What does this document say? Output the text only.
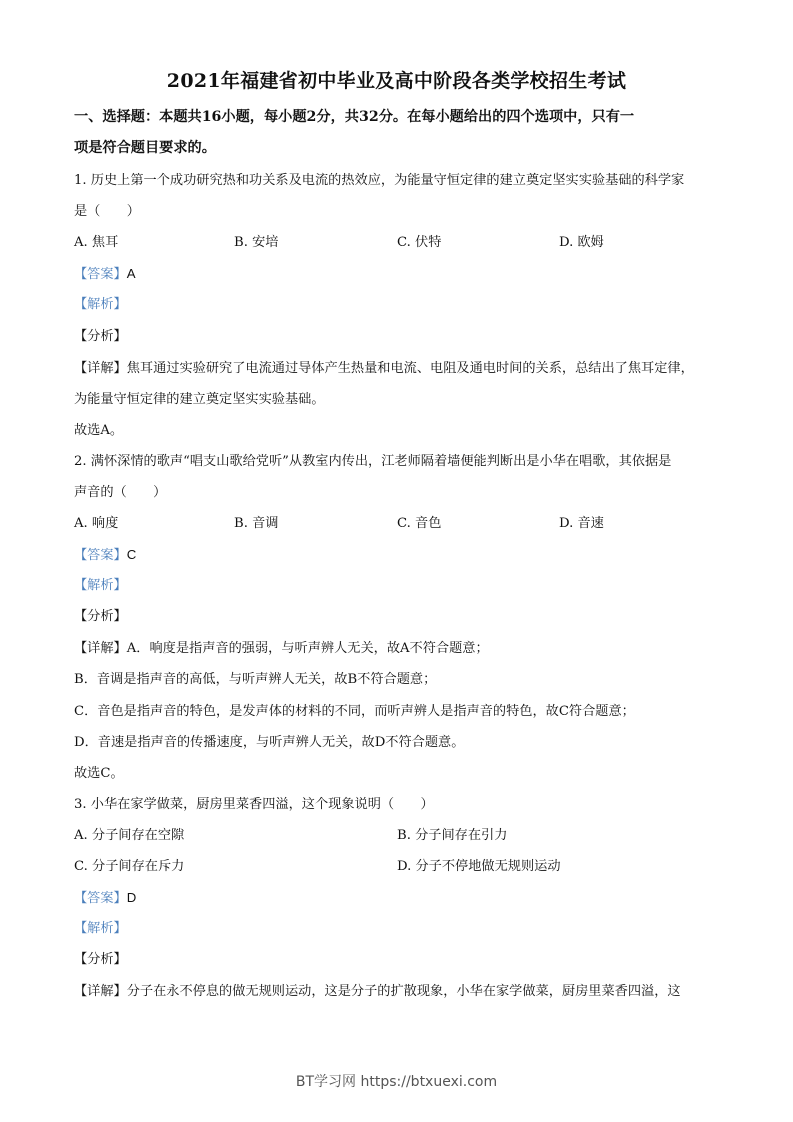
2021年福建省初中毕业及高中阶段各类学校招生考试
一、选择题：本题共16小题，每小题2分，共32分。在每小题给出的四个选项中，只有一
项是符合题目要求的。
1. 历史上第一个成功研究热和功关系及电流的热效应，为能量守恒定律的建立奠定坚实实验基础的科学家
是（　　）
A. 焦耳	B. 安培	C. 伏特	D. 欧姆
【答案】A
【解析】
【分析】
【详解】焦耳通过实验研究了电流通过导体产生热量和电流、电阻及通电时间的关系，总结出了焦耳定律，
为能量守恒定律的建立奠定坚实实验基础。
故选A。
2. 满怀深情的歌声“唱支山歌给党听”从教室内传出，江老师隔着墙便能判断出是小华在唱歌，其依据是
声音的（　　）
A. 响度	B. 音调	C. 音色	D. 音速
【答案】C
【解析】
【分析】
【详解】A．响度是指声音的强弱，与听声辨人无关，故A不符合题意；
B．音调是指声音的高低，与听声辨人无关，故B不符合题意；
C．音色是指声音的特色，是发声体的材料的不同，而听声辨人是指声音的特色，故C符合题意；
D．音速是指声音的传播速度，与听声辨人无关，故D不符合题意。
故选C。
3. 小华在家学做菜，厨房里菜香四溢，这个现象说明（　　）
A. 分子间存在空隙	B. 分子间存在引力
C. 分子间存在斥力	D. 分子不停地做无规则运动
【答案】D
【解析】
【分析】
【详解】分子在永不停息的做无规则运动，这是分子的扩散现象，小华在家学做菜，厨房里菜香四溢，这
BT学习网 https://btxuexi.com
